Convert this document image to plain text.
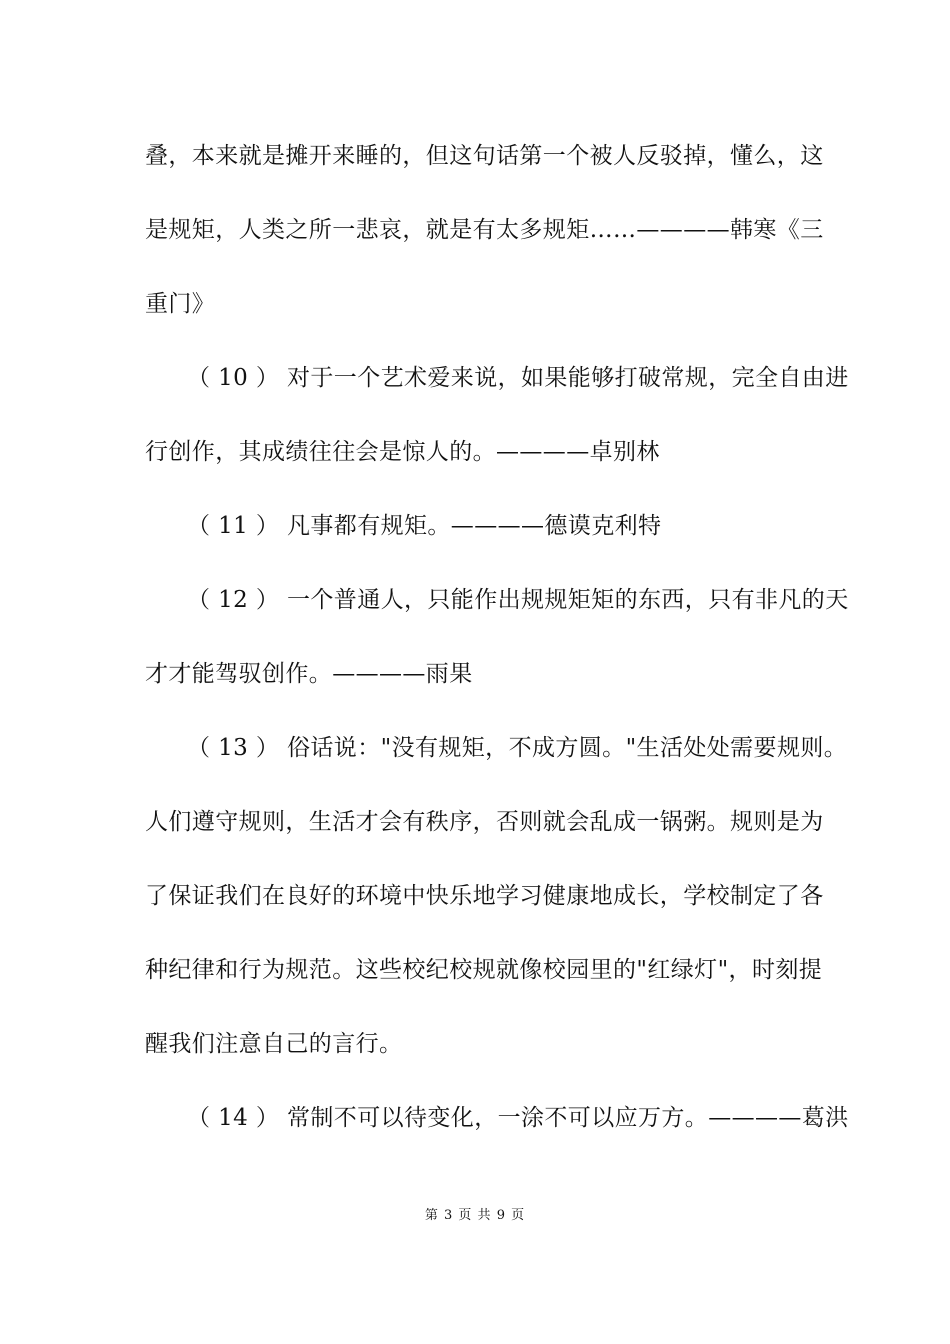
叠，本来就是摊开来睡的，但这句话第一个被人反驳掉，懂么，这
是规矩，人类之所一悲哀，就是有太多规矩……————韩寒《三
重门》
（ 10 ） 对于一个艺术爱来说，如果能够打破常规，完全自由进
行创作，其成绩往往会是惊人的。————卓别林
（ 11 ） 凡事都有规矩。————德谟克利特
（ 12 ） 一个普通人，只能作出规规矩矩的东西，只有非凡的天
才才能驾驭创作。————雨果
（ 13 ） 俗话说："没有规矩，不成方圆。"生活处处需要规则。
人们遵守规则，生活才会有秩序，否则就会乱成一锅粥。规则是为
了保证我们在良好的环境中快乐地学习健康地成长，学校制定了各
种纪律和行为规范。这些校纪校规就像校园里的"红绿灯"，时刻提
醒我们注意自己的言行。
（ 14 ） 常制不可以待变化，一涂不可以应万方。————葛洪
第 3 页 共 9 页
